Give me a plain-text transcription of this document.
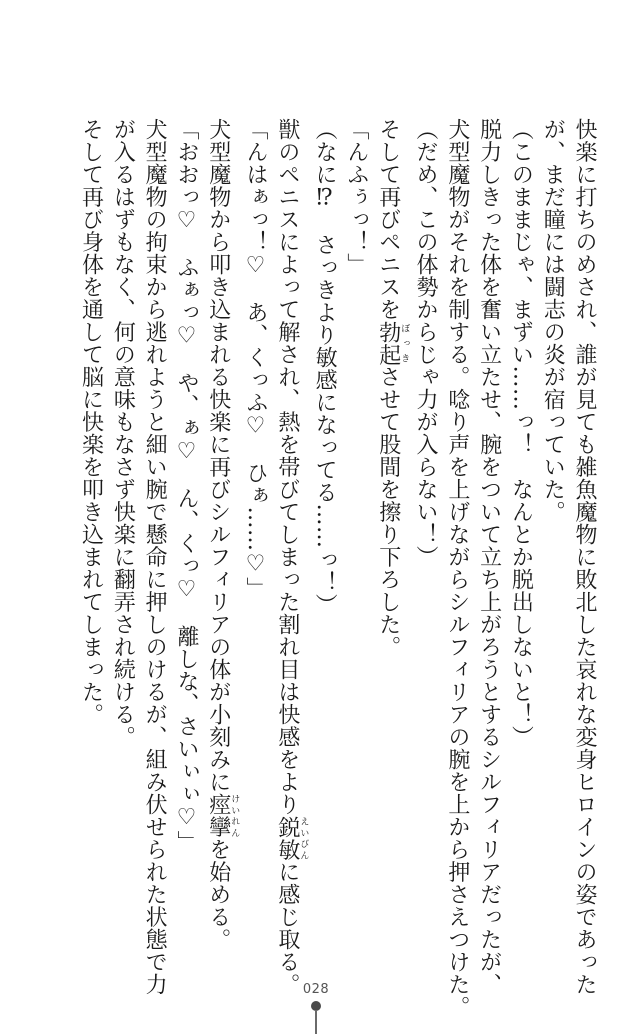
快楽に打ちのめされ、誰が見ても雑魚魔物に敗北した哀れな変身ヒロインの姿であった
が、まだ瞳には闘志の炎が宿っていた。
（このままじゃ、まずい……っ！　なんとか脱出しないと！）
脱力しきった体を奮い立たせ、腕をついて立ち上がろうとするシルフィリアだったが、
犬型魔物がそれを制する。唸り声を上げながらシルフィリアの腕を上から押さえつけた。
（だめ、この体勢からじゃ力が入らない！）
そして再びペニスを勃起ぼっきさせて股間を擦り下ろした。
「んふぅっ！」
（なに⁉　さっきより敏感になってる……っ！）
獣のペニスによって解され、熱を帯びてしまった割れ目は快感をより鋭敏えいびんに感じ取る。
「んはぁっ！♡　あ、くっふ♡　ひぁ……♡」
犬型魔物から叩き込まれる快楽に再びシルフィリアの体が小刻みに痙攣けいれんを始める。
「おおっ♡　ふぁっ♡　や、ぁ♡　ん、くっ♡　離しな、さいぃぃ♡」
犬型魔物の拘束から逃れようと細い腕で懸命に押しのけるが、組み伏せられた状態で力
が入るはずもなく、何の意味もなさず快楽に翻弄され続ける。
そして再び身体を通して脳に快楽を叩き込まれてしまった。
028
